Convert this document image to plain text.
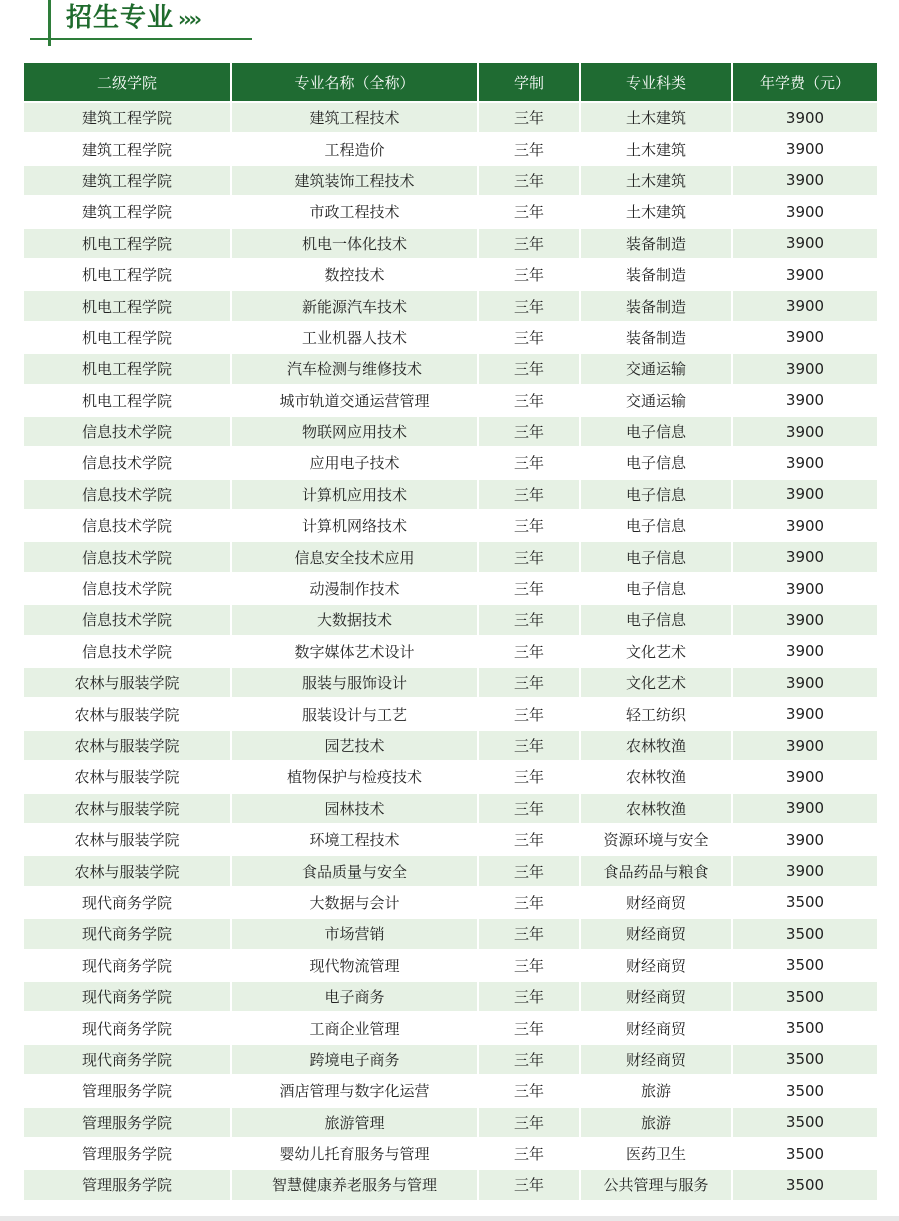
招生专业 ››››
二级学院	专业名称（全称）	学制	专业科类	年学费（元）
建筑工程学院	建筑工程技术	三年	土木建筑	3900
建筑工程学院	工程造价	三年	土木建筑	3900
建筑工程学院	建筑装饰工程技术	三年	土木建筑	3900
建筑工程学院	市政工程技术	三年	土木建筑	3900
机电工程学院	机电一体化技术	三年	装备制造	3900
机电工程学院	数控技术	三年	装备制造	3900
机电工程学院	新能源汽车技术	三年	装备制造	3900
机电工程学院	工业机器人技术	三年	装备制造	3900
机电工程学院	汽车检测与维修技术	三年	交通运输	3900
机电工程学院	城市轨道交通运营管理	三年	交通运输	3900
信息技术学院	物联网应用技术	三年	电子信息	3900
信息技术学院	应用电子技术	三年	电子信息	3900
信息技术学院	计算机应用技术	三年	电子信息	3900
信息技术学院	计算机网络技术	三年	电子信息	3900
信息技术学院	信息安全技术应用	三年	电子信息	3900
信息技术学院	动漫制作技术	三年	电子信息	3900
信息技术学院	大数据技术	三年	电子信息	3900
信息技术学院	数字媒体艺术设计	三年	文化艺术	3900
农林与服装学院	服装与服饰设计	三年	文化艺术	3900
农林与服装学院	服装设计与工艺	三年	轻工纺织	3900
农林与服装学院	园艺技术	三年	农林牧渔	3900
农林与服装学院	植物保护与检疫技术	三年	农林牧渔	3900
农林与服装学院	园林技术	三年	农林牧渔	3900
农林与服装学院	环境工程技术	三年	资源环境与安全	3900
农林与服装学院	食品质量与安全	三年	食品药品与粮食	3900
现代商务学院	大数据与会计	三年	财经商贸	3500
现代商务学院	市场营销	三年	财经商贸	3500
现代商务学院	现代物流管理	三年	财经商贸	3500
现代商务学院	电子商务	三年	财经商贸	3500
现代商务学院	工商企业管理	三年	财经商贸	3500
现代商务学院	跨境电子商务	三年	财经商贸	3500
管理服务学院	酒店管理与数字化运营	三年	旅游	3500
管理服务学院	旅游管理	三年	旅游	3500
管理服务学院	婴幼儿托育服务与管理	三年	医药卫生	3500
管理服务学院	智慧健康养老服务与管理	三年	公共管理与服务	3500
